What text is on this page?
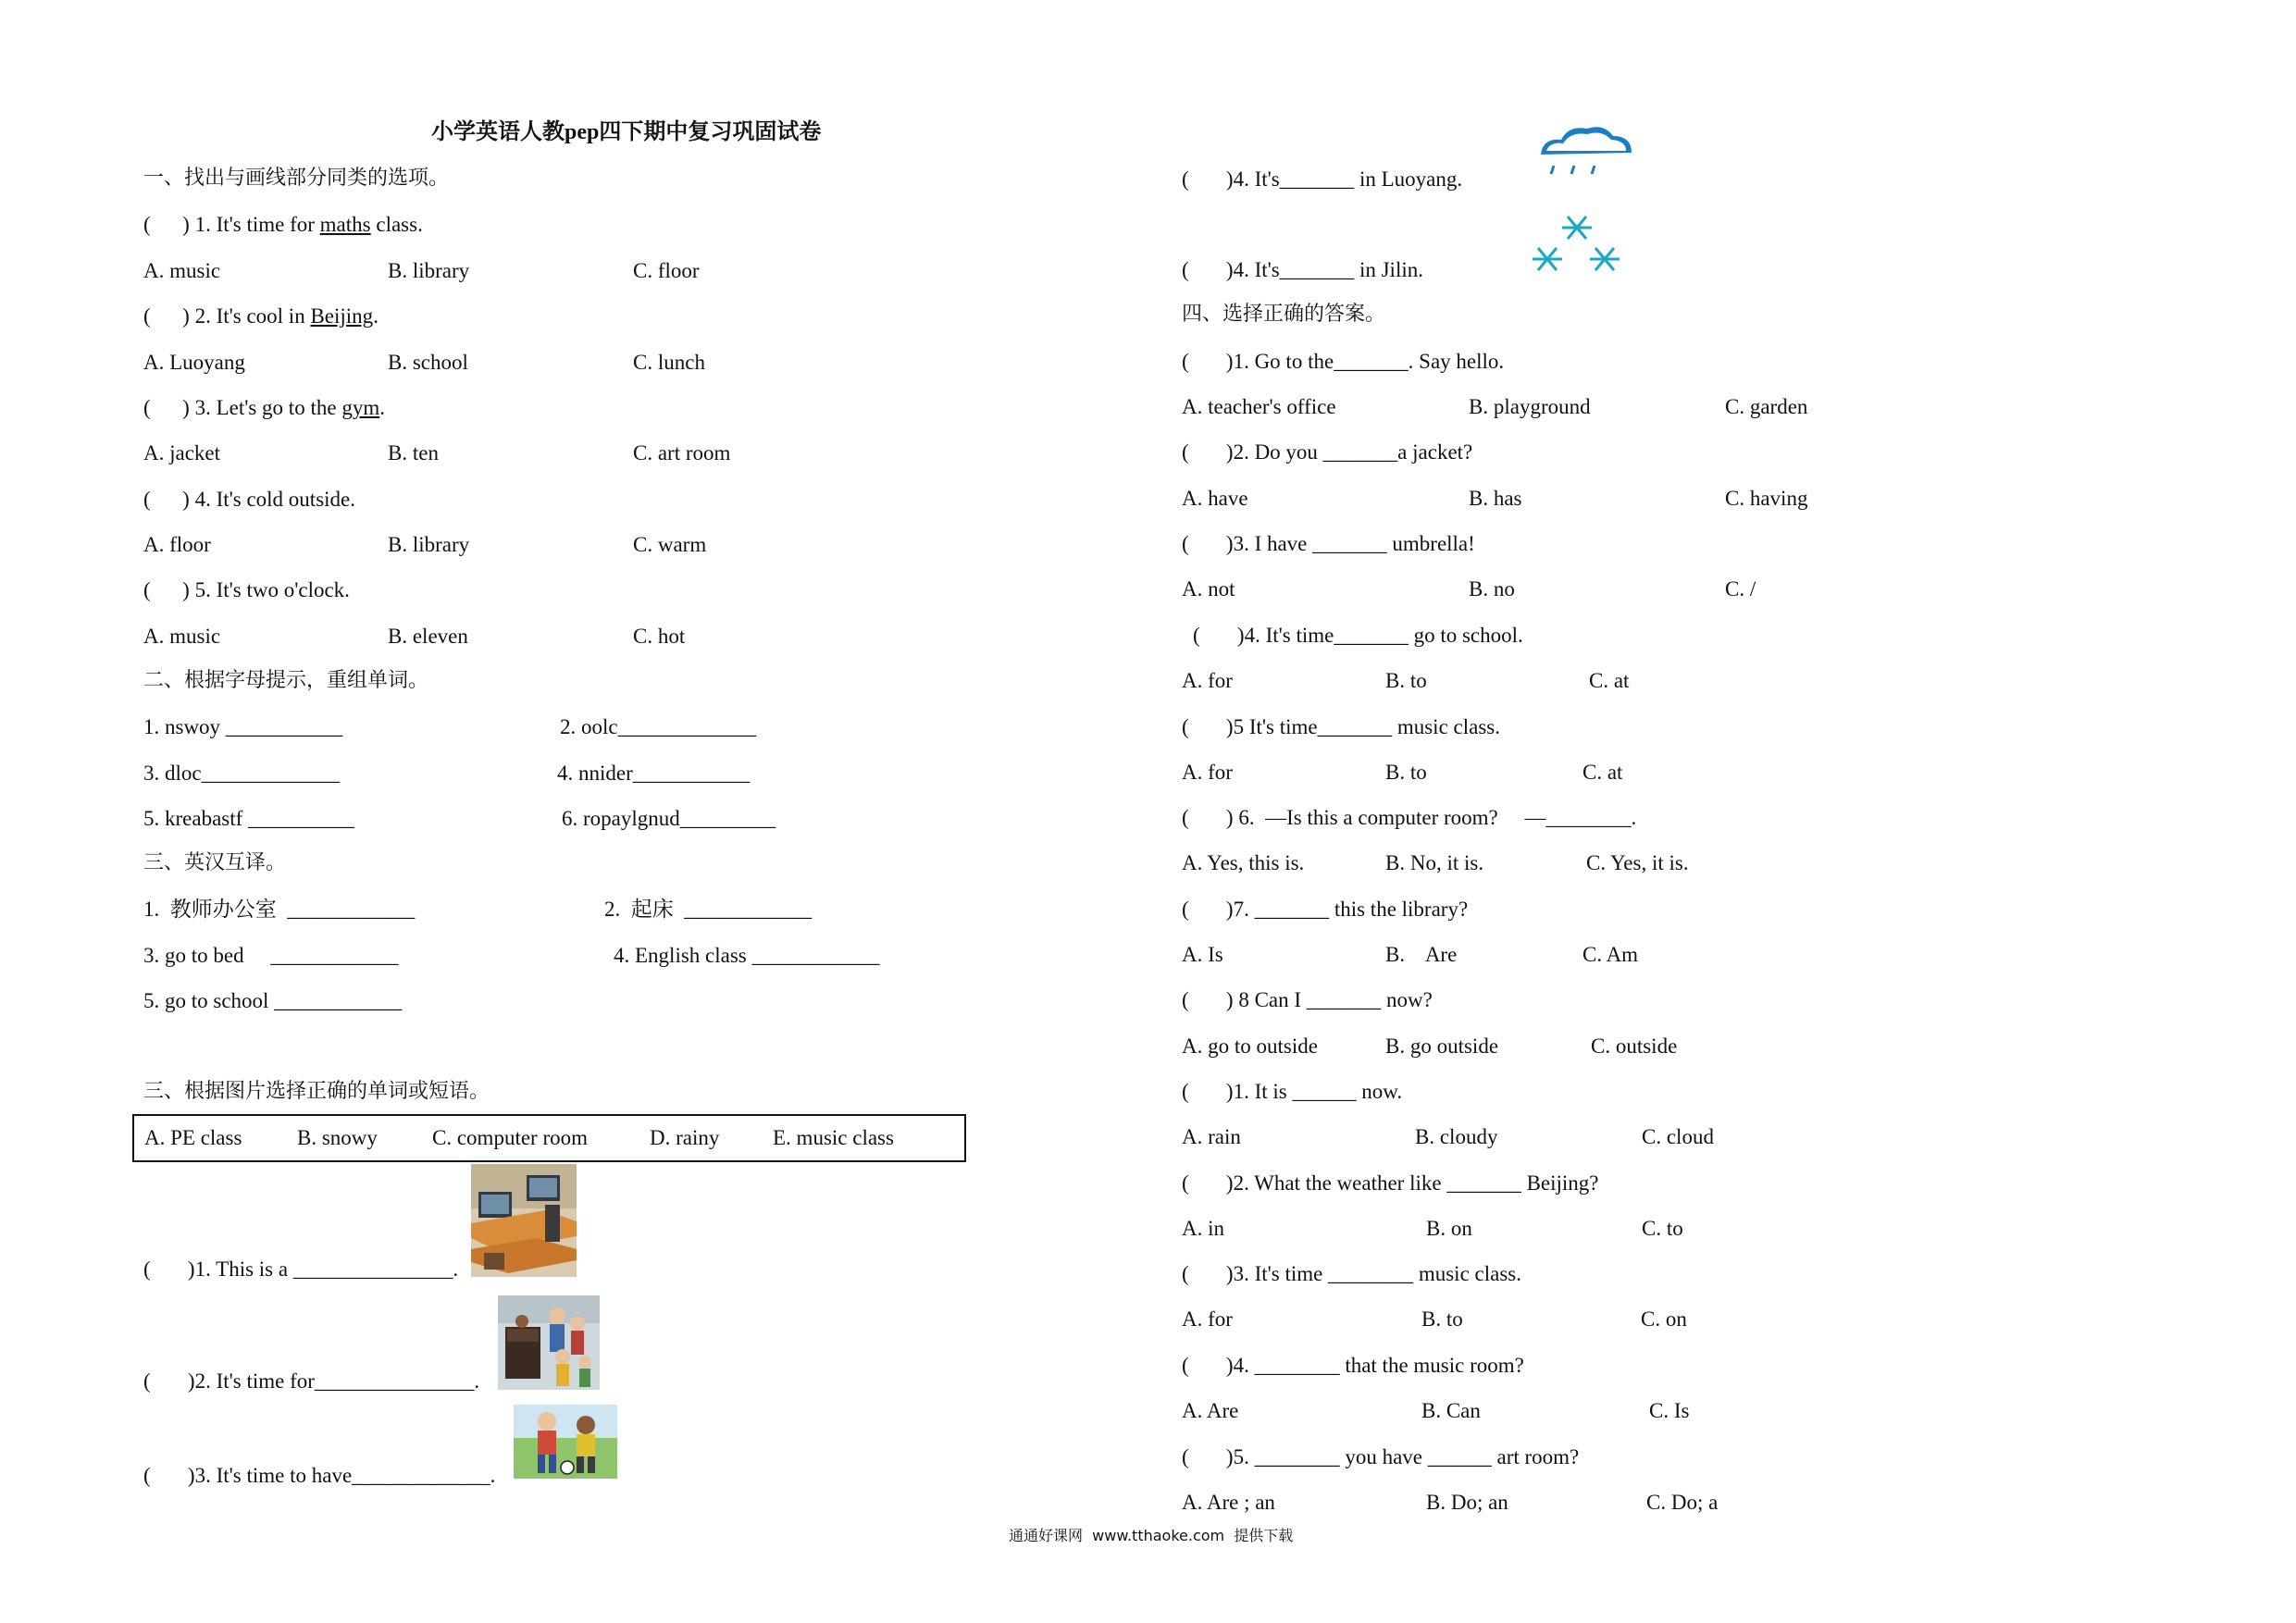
小学英语人教pep四下期中复习巩固试卷
一、找出与画线部分同类的选项。
(      ) 1. It's time for maths class.
A. music	B. library	C. floor
(      ) 2. It's cool in Beijing.
A. Luoyang	B. school	C. lunch
(      ) 3. Let's go to the gym.
A. jacket	B. ten	C. art room
(      ) 4. It's cold outside.
A. floor	B. library	C. warm
(      ) 5. It's two o'clock.
A. music	B. eleven	C. hot
二、根据字母提示，重组单词。
1. nswoy ___________	2. oolc_____________
3. dloc_____________	4. nnider___________
5. kreabastf __________	6. ropaylgnud_________
三、英汉互译。
1.  教师办公室  ____________	2.  起床  ____________
3. go to bed     ____________	4. English class ____________
5. go to school ____________
三、根据图片选择正确的单词或短语。
A. PE class	B. snowy	C. computer room	D. rainy	E. music class
(       )1. This is a _______________.
(       )2. It's time for_______________.
(       )3. It's time to have_____________.
(       )4. It's_______ in Luoyang.
(       )4. It's_______ in Jilin.
四、选择正确的答案。
(       )1. Go to the_______. Say hello.
A. teacher's office	B. playground	C. garden
(       )2. Do you _______a jacket?
A. have	B. has	C. having
(       )3. I have _______ umbrella!
A. not	B. no	C. /
(       )4. It's time_______ go to school.
A. for	B. to	C. at
(       )5 It's time_______ music class.
A. for	B. to	C. at
(       ) 6.  —Is this a computer room?     —________.
A. Yes, this is.	B. No, it is.	C. Yes, it is.
(       )7. _______ this the library?
A. Is	B.    Are	C. Am
(       ) 8 Can I _______ now?
A. go to outside	B. go outside	C. outside
(       )1. It is ______ now.
A. rain	B. cloudy	C. cloud
(       )2. What the weather like _______ Beijing?
A. in	B. on	C. to
(       )3. It's time ________ music class.
A. for	B. to	C. on
(       )4. ________ that the music room?
A. Are	B. Can	C. Is
(       )5. ________ you have ______ art room?
A. Are ; an	B. Do; an	C. Do; a
通通好课网  www.tthaoke.com  提供下载
